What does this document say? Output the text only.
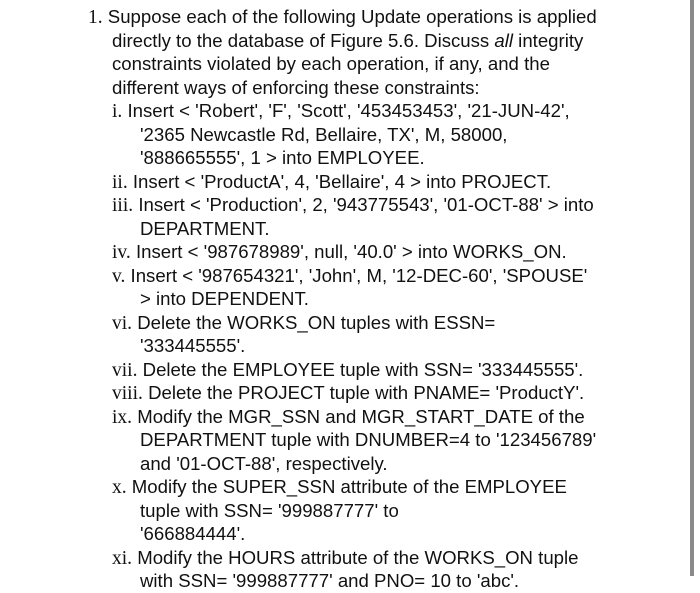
1. Suppose each of the following Update operations is applied
directly to the database of Figure 5.6. Discuss all integrity
constraints violated by each operation, if any, and the
different ways of enforcing these constraints:
i. Insert < 'Robert', 'F', 'Scott', '453453453', '21-JUN-42',
'2365 Newcastle Rd, Bellaire, TX', M, 58000,
'888665555', 1 > into EMPLOYEE.
ii. Insert < 'ProductA', 4, 'Bellaire', 4 > into PROJECT.
iii. Insert < 'Production', 2, '943775543', '01-OCT-88' > into
DEPARTMENT.
iv. Insert < '987678989', null, '40.0' > into WORKS_ON.
v. Insert < '987654321', 'John', M, '12-DEC-60', 'SPOUSE'
> into DEPENDENT.
vi. Delete the WORKS_ON tuples with ESSN=
'333445555'.
vii. Delete the EMPLOYEE tuple with SSN= '333445555'.
viii. Delete the PROJECT tuple with PNAME= 'ProductY'.
ix. Modify the MGR_SSN and MGR_START_DATE of the
DEPARTMENT tuple with DNUMBER=4 to '123456789'
and '01-OCT-88', respectively.
x. Modify the SUPER_SSN attribute of the EMPLOYEE
tuple with SSN= '999887777' to
'666884444'.
xi. Modify the HOURS attribute of the WORKS_ON tuple
with SSN= '999887777' and PNO= 10 to 'abc'.
